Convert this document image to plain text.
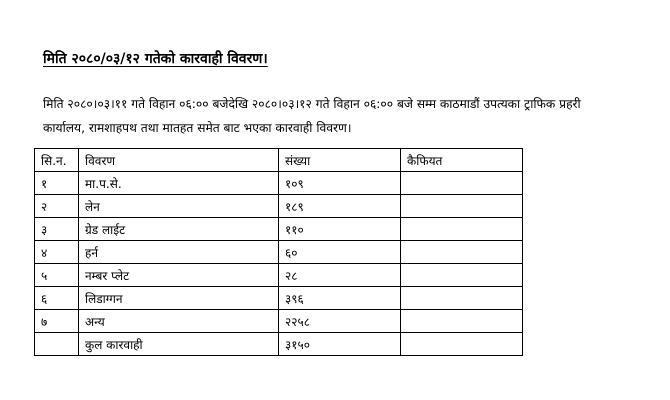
मिति २०८०/०३/१२ गतेको कारवाही विवरण।
मिति २०८०।०३।११ गते विहान ०६:०० बजेदेखि २०८०।०३।१२ गते विहान ०६:०० बजे सम्म काठमाडौं उपत्यका ट्राफिक प्रहरी
कार्यालय, रामशाहपथ तथा मातहत समेत बाट भएका कारवाही विवरण।
सि.न.	विवरण	संख्या	कैफियत
१	मा.प.से.	१०९	
२	लेन	१८९	
३	ग्रेड लाईट	११०	
४	हर्न	६०	
५	नम्बर प्लेट	२८	
६	लिडाग्गन	३९६	
७	अन्य	२२५८	
	कुल कारवाही	३१५०	
